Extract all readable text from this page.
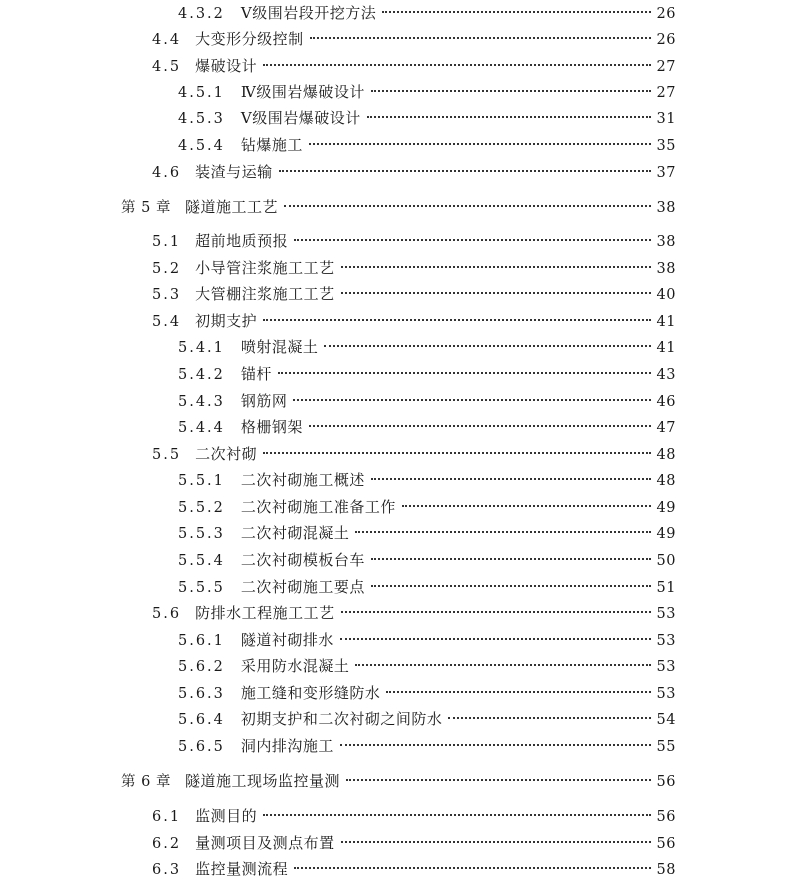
4.3.2 Ⅴ级围岩段开挖方法	26
4.4 大变形分级控制	26
4.5 爆破设计	27
4.5.1 Ⅳ级围岩爆破设计	27
4.5.3 Ⅴ级围岩爆破设计	31
4.5.4 钻爆施工	35
4.6 装渣与运输	37
第 5 章 隧道施工工艺	38
5.1 超前地质预报	38
5.2 小导管注浆施工工艺	38
5.3 大管棚注浆施工工艺	40
5.4 初期支护	41
5.4.1 喷射混凝土	41
5.4.2 锚杆	43
5.4.3 钢筋网	46
5.4.4 格栅钢架	47
5.5 二次衬砌	48
5.5.1 二次衬砌施工概述	48
5.5.2 二次衬砌施工准备工作	49
5.5.3 二次衬砌混凝土	49
5.5.4 二次衬砌模板台车	50
5.5.5 二次衬砌施工要点	51
5.6 防排水工程施工工艺	53
5.6.1 隧道衬砌排水	53
5.6.2 采用防水混凝土	53
5.6.3 施工缝和变形缝防水	53
5.6.4 初期支护和二次衬砌之间防水	54
5.6.5 洞内排沟施工	55
第 6 章 隧道施工现场监控量测	56
6.1 监测目的	56
6.2 量测项目及测点布置	56
6.3 监控量测流程	58
